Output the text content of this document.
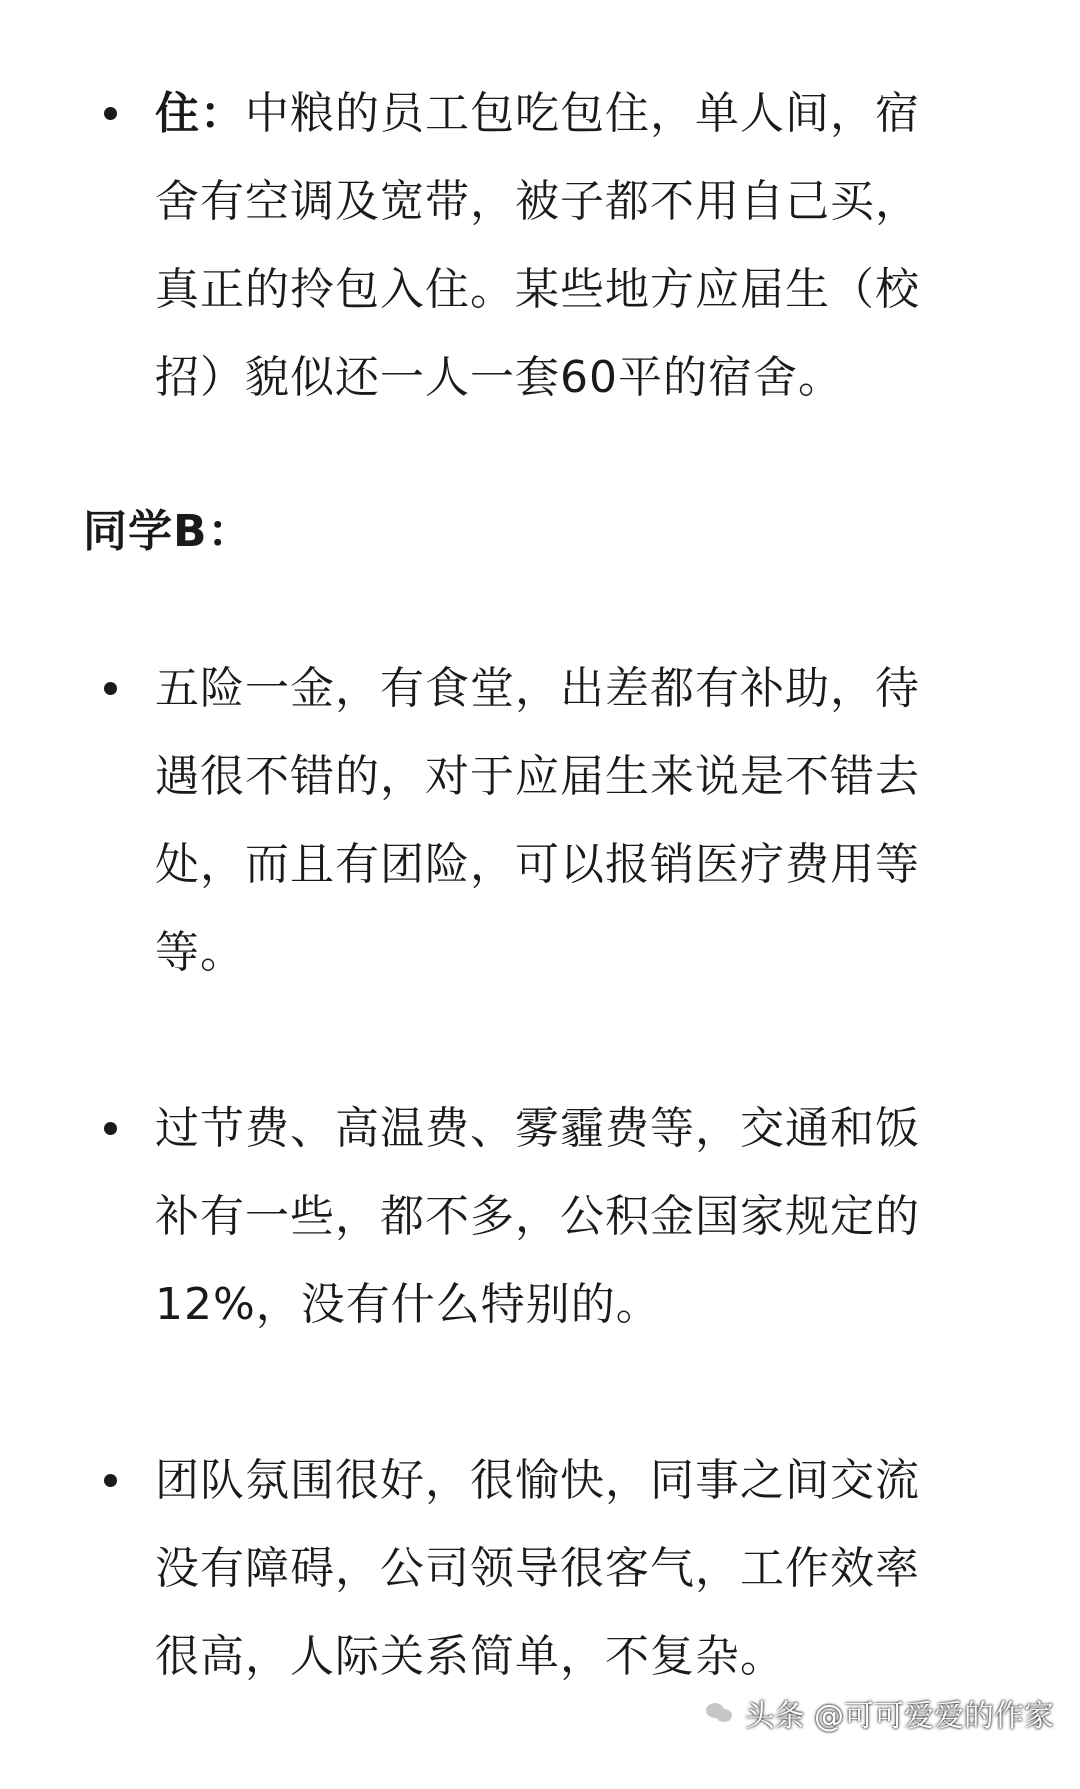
住：中粮的员工包吃包住，单人间，宿舍有空调及宽带，被子都不用自己买，真正的拎包入住。某些地方应届生（校招）貌似还一人一套60平的宿舍。
同学B：
五险一金，有食堂，出差都有补助，待遇很不错的，对于应届生来说是不错去处，而且有团险，可以报销医疗费用等等。
过节费、高温费、雾霾费等，交通和饭补有一些，都不多，公积金国家规定的12%，没有什么特别的。
团队氛围很好，很愉快，同事之间交流没有障碍，公司领导很客气，工作效率很高，人际关系简单，不复杂。
头条 @可可爱爱的作家
